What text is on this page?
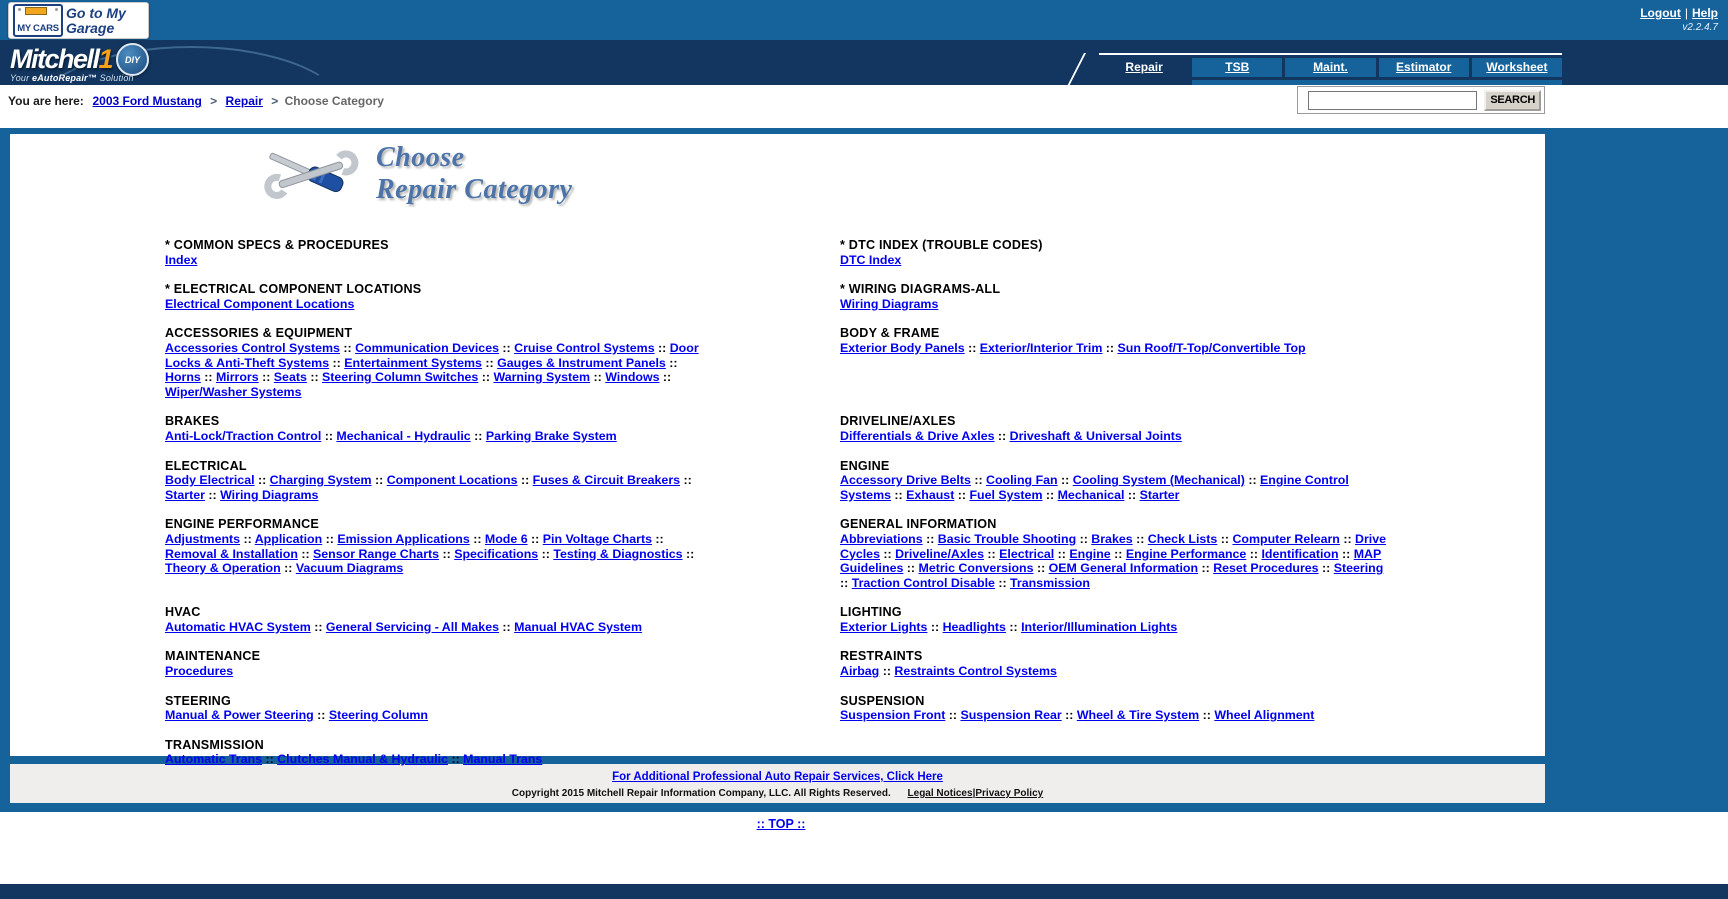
MY CARS
Go to My Garage
Logout | Help
v2.2.4.7
Mitchell1	DIY
Your eAutoRepair™ Solution
Repair	TSB	Maint.	Estimator	Worksheet
You are here: 2003 Ford Mustang > Repair > Choose Category	SEARCH
Choose
Repair Category
* COMMON SPECS & PROCEDURES

Index

* DTC INDEX (TROUBLE CODES)

DTC Index

* ELECTRICAL COMPONENT LOCATIONS

Electrical Component Locations

* WIRING DIAGRAMS-ALL

Wiring Diagrams

ACCESSORIES & EQUIPMENT

Accessories Control Systems :: Communication Devices :: Cruise Control Systems :: Door Locks & Anti-Theft Systems :: Entertainment Systems :: Gauges & Instrument Panels :: Horns :: Mirrors :: Seats :: Steering Column Switches :: Warning System :: Windows :: Wiper/Washer Systems

BODY & FRAME

Exterior Body Panels :: Exterior/Interior Trim :: Sun Roof/T-Top/Convertible Top

BRAKES

Anti-Lock/Traction Control :: Mechanical - Hydraulic :: Parking Brake System

DRIVELINE/AXLES

Differentials & Drive Axles :: Driveshaft & Universal Joints

ELECTRICAL

Body Electrical :: Charging System :: Component Locations :: Fuses & Circuit Breakers :: Starter :: Wiring Diagrams

ENGINE

Accessory Drive Belts :: Cooling Fan :: Cooling System (Mechanical) :: Engine Control Systems :: Exhaust :: Fuel System :: Mechanical :: Starter

ENGINE PERFORMANCE

Adjustments :: Application :: Emission Applications :: Mode 6 :: Pin Voltage Charts :: Removal & Installation :: Sensor Range Charts :: Specifications :: Testing & Diagnostics :: Theory & Operation :: Vacuum Diagrams

GENERAL INFORMATION

Abbreviations :: Basic Trouble Shooting :: Brakes :: Check Lists :: Computer Relearn :: Drive Cycles :: Driveline/Axles :: Electrical :: Engine :: Engine Performance :: Identification :: MAP Guidelines :: Metric Conversions :: OEM General Information :: Reset Procedures :: Steering :: Traction Control Disable :: Transmission

HVAC

Automatic HVAC System :: General Servicing - All Makes :: Manual HVAC System

LIGHTING

Exterior Lights :: Headlights :: Interior/Illumination Lights

MAINTENANCE

Procedures

RESTRAINTS

Airbag :: Restraints Control Systems

STEERING

Manual & Power Steering :: Steering Column

SUSPENSION

Suspension Front :: Suspension Rear :: Wheel & Tire System :: Wheel Alignment

TRANSMISSION

Automatic Trans :: Clutches Manual & Hydraulic :: Manual Trans

For Additional Professional Auto Repair Services, Click Here
Copyright 2015 Mitchell Repair Information Company, LLC. All Rights Reserved. Legal Notices|Privacy Policy
:: TOP ::
